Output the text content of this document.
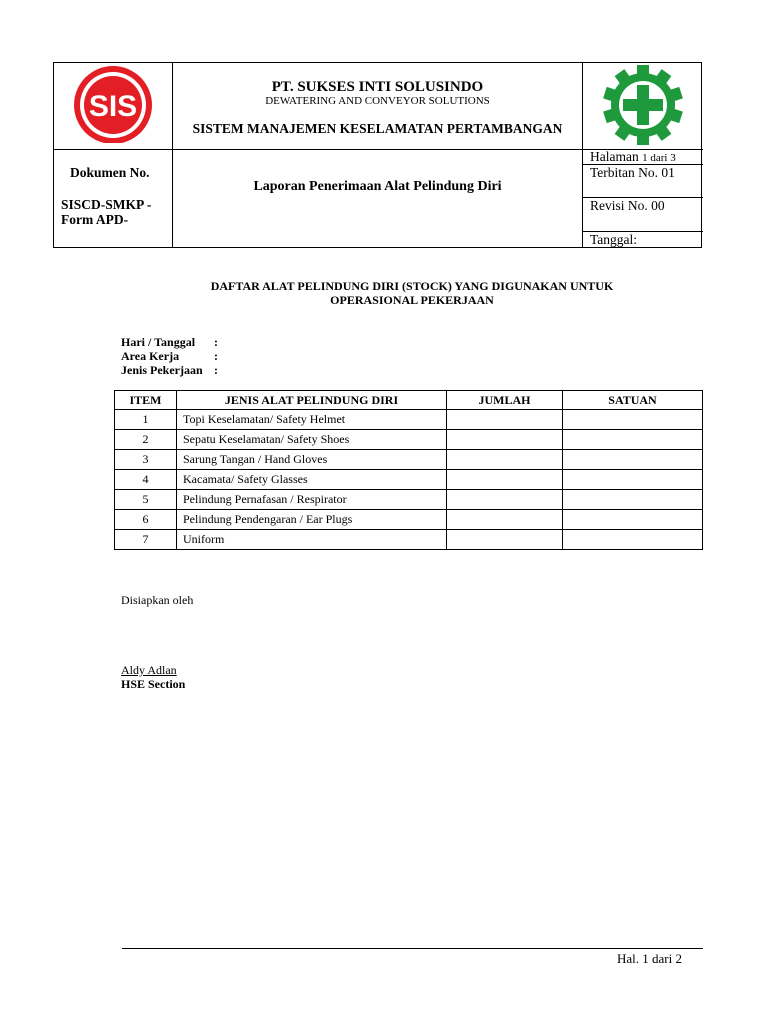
SIS
PT. SUKSES INTI SOLUSINDO
DEWATERING AND CONVEYOR SOLUTIONS
SISTEM MANAJEMEN KESELAMATAN PERTAMBANGAN
Dokumen No.
SISCD-SMKP -
Form APD-
Laporan Penerimaan Alat Pelindung Diri
Halaman 1 dari 3
Terbitan No. 01
Revisi No. 00
Tanggal:
DAFTAR ALAT PELINDUNG DIRI (STOCK) YANG DIGUNAKAN UNTUK
OPERASIONAL PEKERJAAN
Hari / Tanggal :
Area Kerja	:
Jenis Pekerjaan :
ITEM	JENIS ALAT PELINDUNG DIRI	JUMLAH	SATUAN
1	Topi Keselamatan/ Safety Helmet		
2	Sepatu Keselamatan/ Safety Shoes		
3	Sarung Tangan / Hand Gloves		
4	Kacamata/ Safety Glasses		
5	Pelindung Pernafasan / Respirator		
6	Pelindung Pendengaran / Ear Plugs		
7	Uniform		
Disiapkan oleh
Aldy Adlan
HSE Section
Hal. 1 dari 2
